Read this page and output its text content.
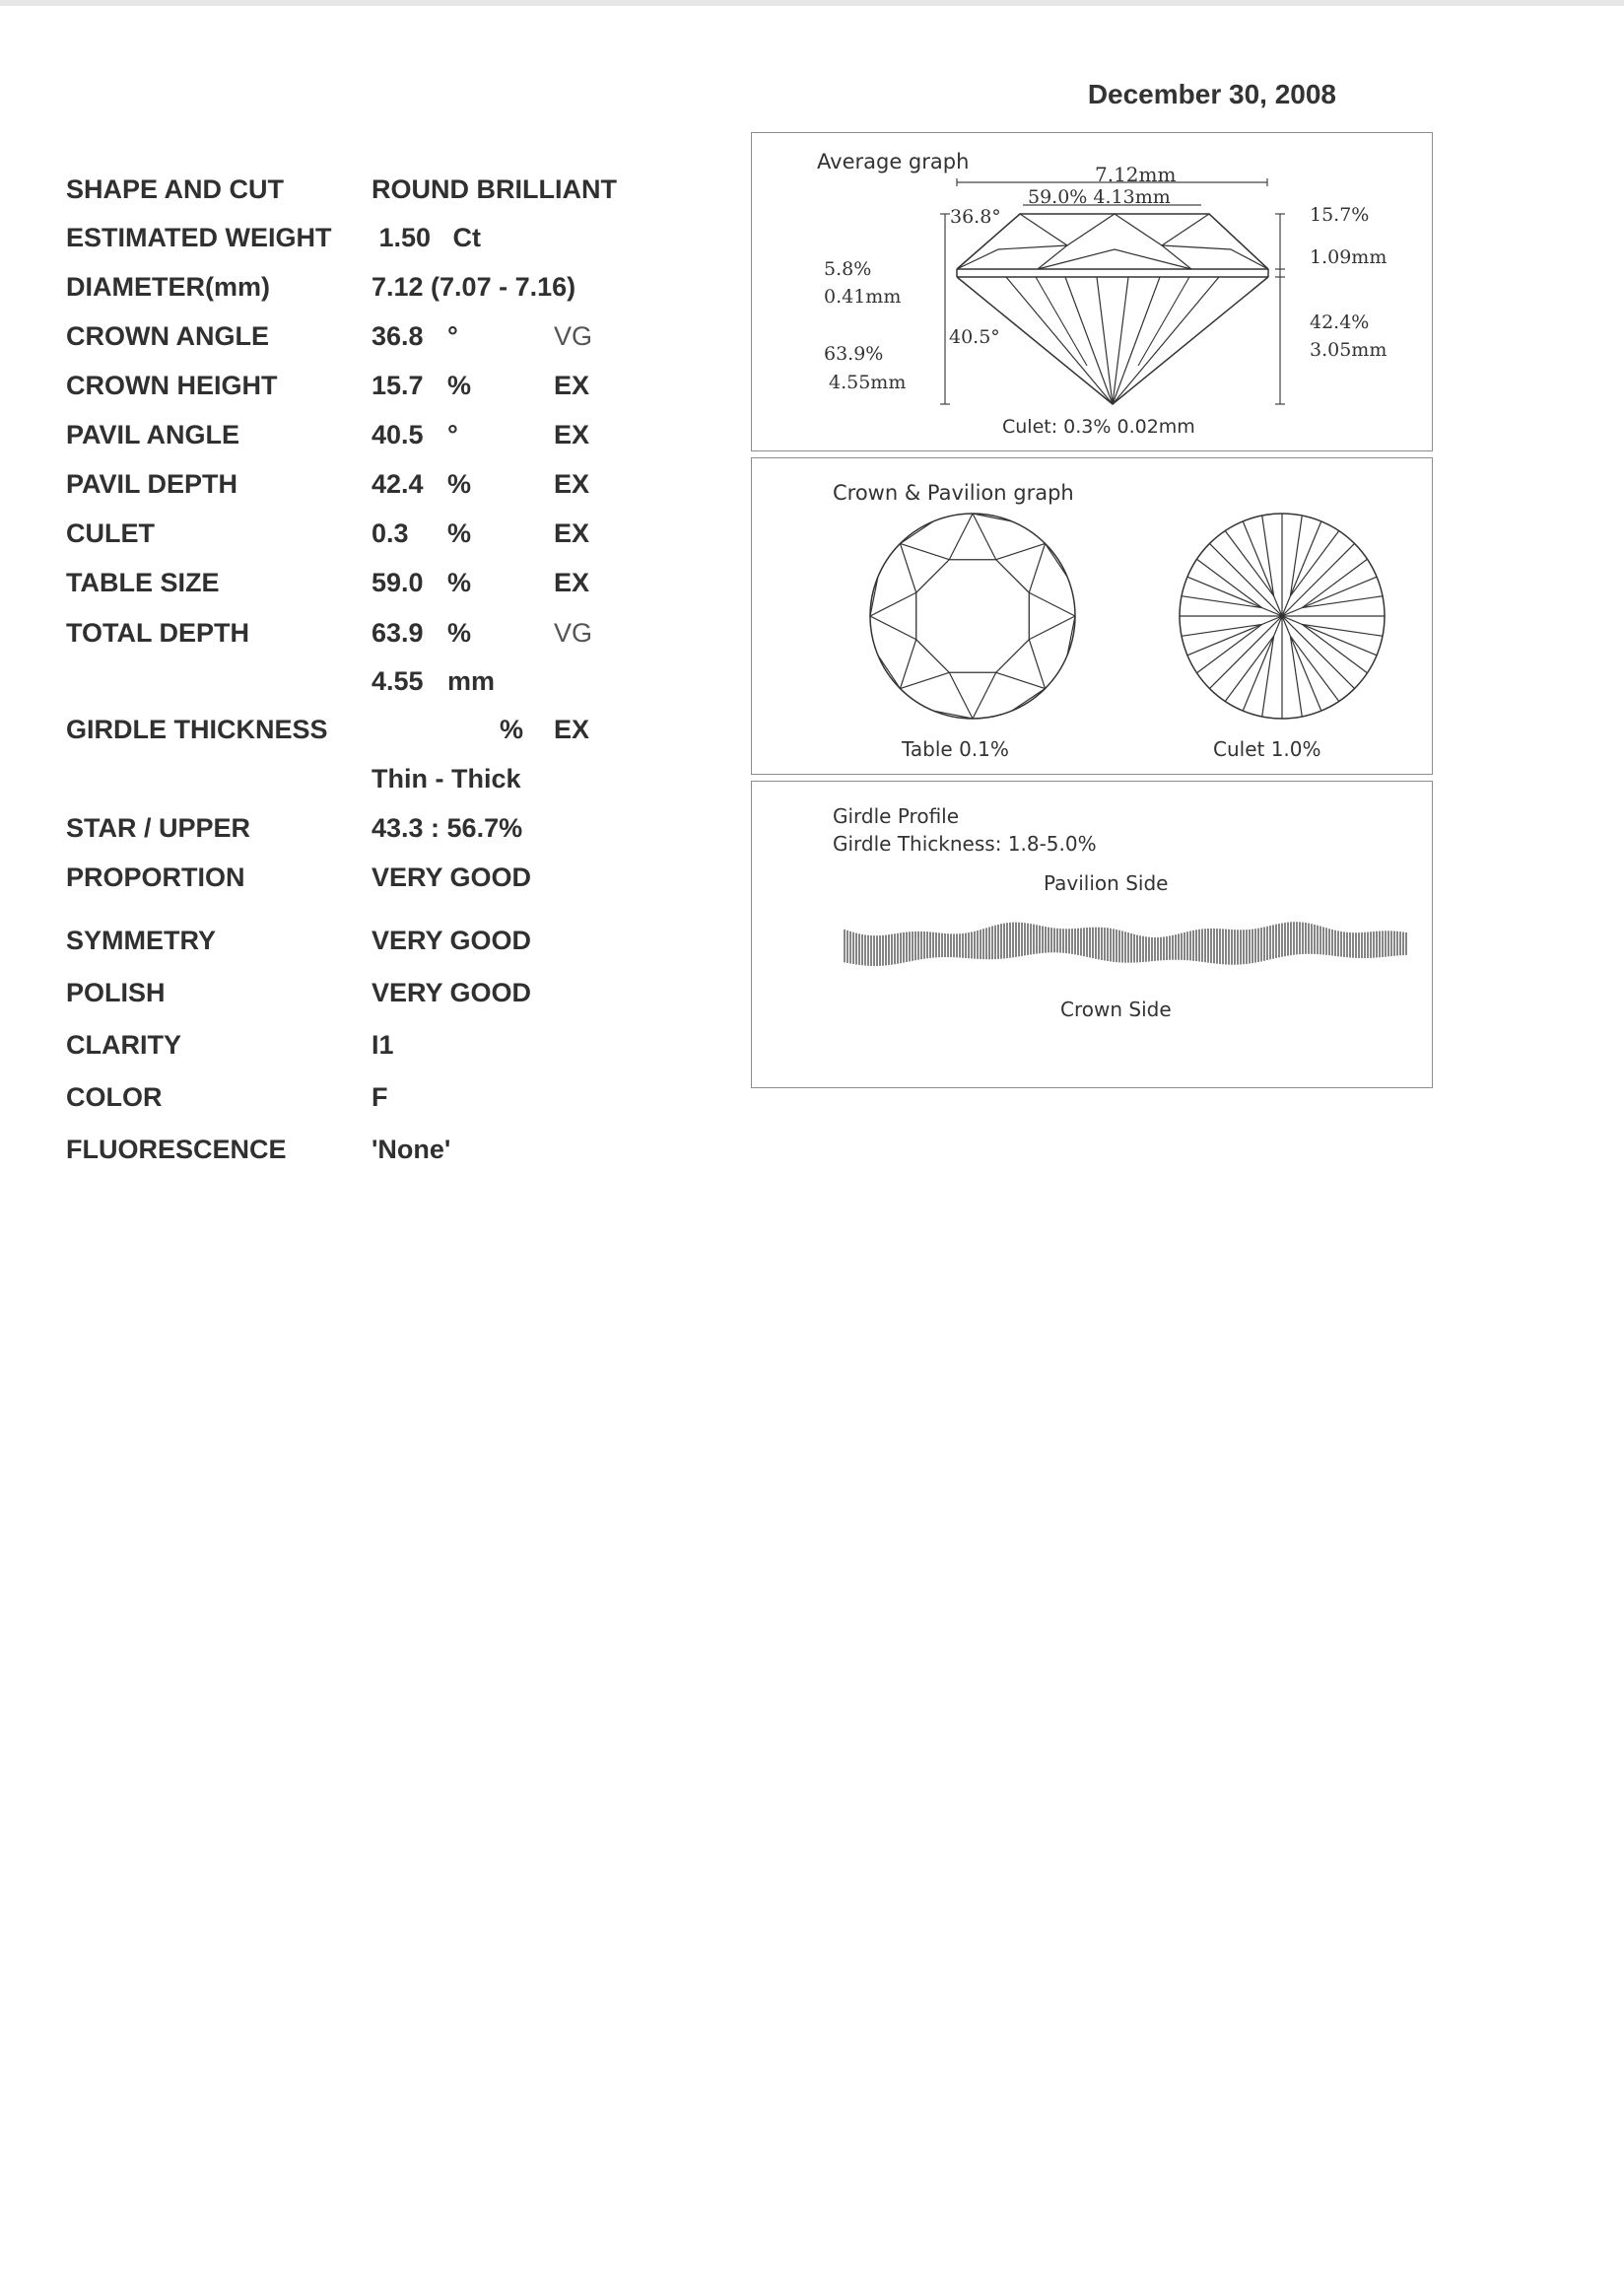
December 30, 2008
SHAPE AND CUT	ROUND BRILLIANT
ESTIMATED WEIGHT 1.50   Ct
DIAMETER(mm)	7.12 (7.07 - 7.16)
CROWN ANGLE	36.8 °	VG
CROWN HEIGHT	15.7 %	EX
PAVIL ANGLE	40.5 °	EX
PAVIL DEPTH	42.4 %	EX
CULET	0.3 %	EX
TABLE SIZE	59.0 %	EX
TOTAL DEPTH	63.9 %	VG
4.55 mm
GIRDLE THICKNESS	% EX
Thin - Thick
STAR / UPPER	43.3 : 56.7%
PROPORTION	VERY GOOD
SYMMETRY	VERY GOOD
POLISH	VERY GOOD
CLARITY	I1
COLOR	F
FLUORESCENCE	'None'
Average graph
7.12mm
59.0% 4.13mm
36.8°
40.5°
15.7%
1.09mm
5.8%
0.41mm
42.4%
3.05mm
63.9%
4.55mm
Culet: 0.3% 0.02mm
Crown & Pavilion graph
Table 0.1%	Culet 1.0%
Girdle Profile
Girdle Thickness: 1.8-5.0%
Pavilion Side
Crown Side
